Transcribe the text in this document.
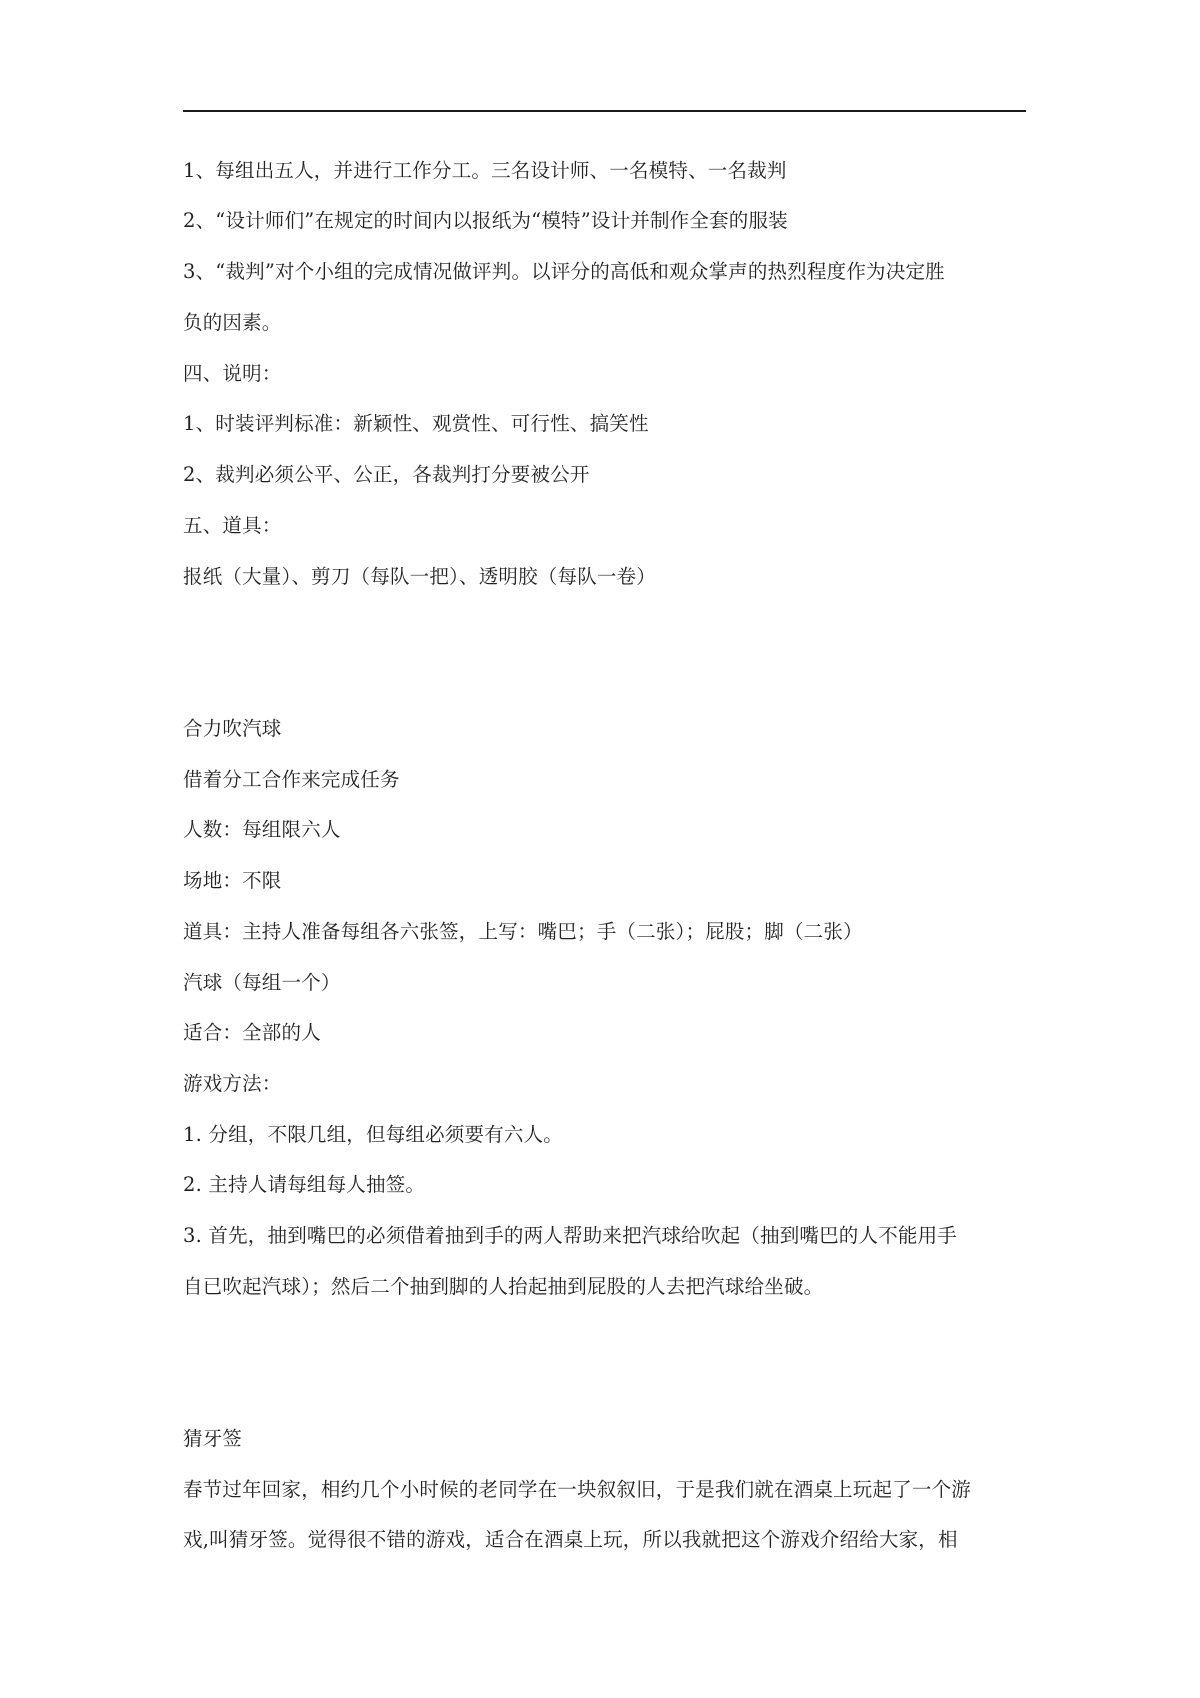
1、每组出五人，并进行工作分工。三名设计师、一名模特、一名裁判
2、“设计师们”在规定的时间内以报纸为“模特”设计并制作全套的服装
3、“裁判”对个小组的完成情况做评判。以评分的高低和观众掌声的热烈程度作为决定胜
负的因素。
四、说明：
1、时装评判标准：新颖性、观赏性、可行性、搞笑性
2、裁判必须公平、公正，各裁判打分要被公开
五、道具：
报纸（大量）、剪刀（每队一把）、透明胶（每队一卷）
合力吹汽球
借着分工合作来完成任务
人数：每组限六人
场地：不限
道具：主持人准备每组各六张签，上写：嘴巴；手（二张）；屁股；脚（二张）
汽球（每组一个）
适合：全部的人
游戏方法：
1. 分组，不限几组，但每组必须要有六人。
2. 主持人请每组每人抽签。
3. 首先，抽到嘴巴的必须借着抽到手的两人帮助来把汽球给吹起（抽到嘴巴的人不能用手
自已吹起汽球）；然后二个抽到脚的人抬起抽到屁股的人去把汽球给坐破。
猜牙签
春节过年回家，相约几个小时候的老同学在一块叙叙旧，于是我们就在酒桌上玩起了一个游
戏,叫猜牙签。觉得很不错的游戏，适合在酒桌上玩，所以我就把这个游戏介绍给大家，相
